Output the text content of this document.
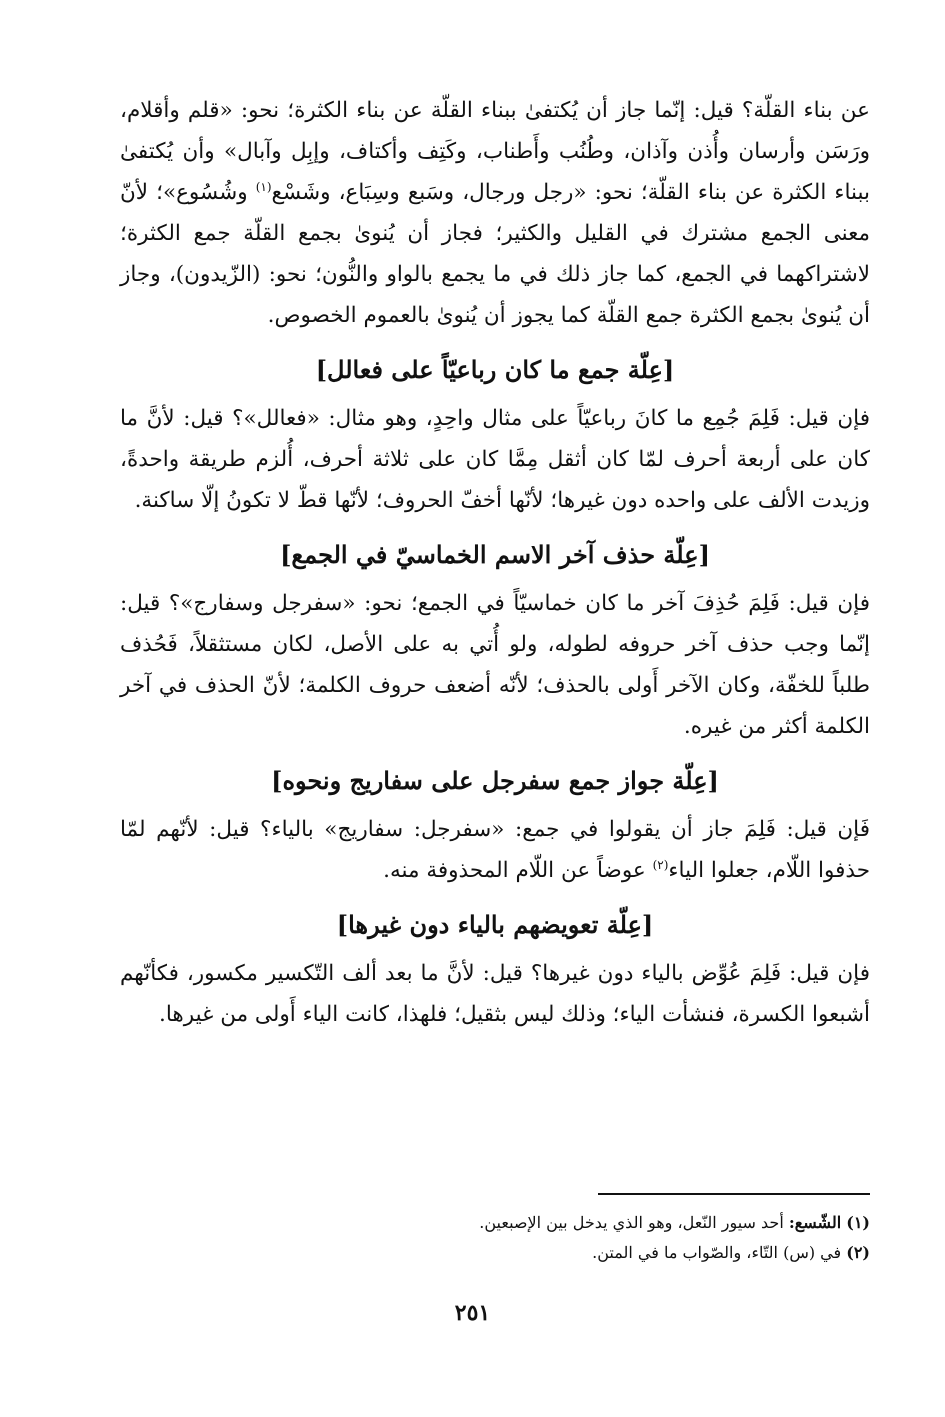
عن بناء القلّة؟ قيل: إنّما جاز أن يُكتفىٰ ببناء القلّة عن بناء الكثرة؛ نحو: «قلم وأقلام، ورَسَن وأرسان وأُذن وآذان، وطُنُب وأَطناب، وكَتِف وأكتاف، وإبِل وآبال» وأن يُكتفىٰ ببناء الكثرة عن بناء القلّة؛ نحو: «رجل ورجال، وسَبع وسِبَاع، وشَسْع$^{(١)}$ وشُسُوع»؛ لأنّ معنى الجمع مشترك في القليل والكثير؛ فجاز أن يُنوىٰ بجمع القلّة جمع الكثرة؛ لاشتراكهما في الجمع، كما جاز ذلك في ما يجمع بالواو والنُّون؛ نحو: (الزّيدون)، وجاز أن يُنوىٰ بجمع الكثرة جمع القلّة كما يجوز أن يُنوىٰ بالعموم الخصوص.

[عِلّة جمع ما كان رباعيّاً على فعالل]

فإن قيل: فَلِمَ جُمِع ما كانَ رباعيّاً على مثال واحِدٍ، وهو مثال: «فعالل»؟ قيل: لأنَّ ما كان على أربعة أحرف لمّا كان أثقل مِمَّا كان على ثلاثة أحرف، أُلزم طريقة واحدةً، وزيدت الألف على واحده دون غيرها؛ لأنّها أخفّ الحروف؛ لأنّها قطّ لا تكونُ إلّا ساكنة.

[عِلّة حذف آخر الاسم الخماسيّ في الجمع]

فإن قيل: فَلِمَ حُذِفَ آخر ما كان خماسيّاً في الجمع؛ نحو: «سفرجل وسفارج»؟ قيل: إنّما وجب حذف آخر حروفه لطوله، ولو أُتي به على الأصل، لكان مستثقلاً، فَحُذف طلباً للخفّة، وكان الآخر أَولى بالحذف؛ لأنّه أضعف حروف الكلمة؛ لأنّ الحذف في آخر الكلمة أكثر من غيره.

[عِلّة جواز جمع سفرجل على سفاريج ونحوه]

فَإن قيل: فَلِمَ جاز أن يقولوا في جمع: «سفرجل: سفاريج» بالياء؟ قيل: لأنّهم لمّا حذفوا اللّام، جعلوا الياء$^{(٢)}$ عوضاً عن اللّام المحذوفة منه.

[عِلّة تعويضهم بالياء دون غيرها]

فإن قيل: فَلِمَ عُوِّض بالياء دون غيرها؟ قيل: لأنَّ ما بعد ألف التّكسير مكسور، فكأنّهم أشبعوا الكسرة، فنشأت الياء؛ وذلك ليس بثقيل؛ فلهذا، كانت الياء أَولى من غيرها.

(١) الشّسع: أحد سيور النّعل، وهو الذي يدخل بين الإصبعين.

(٢) في (س) التّاء، والصّواب ما في المتن.

٢٥١
